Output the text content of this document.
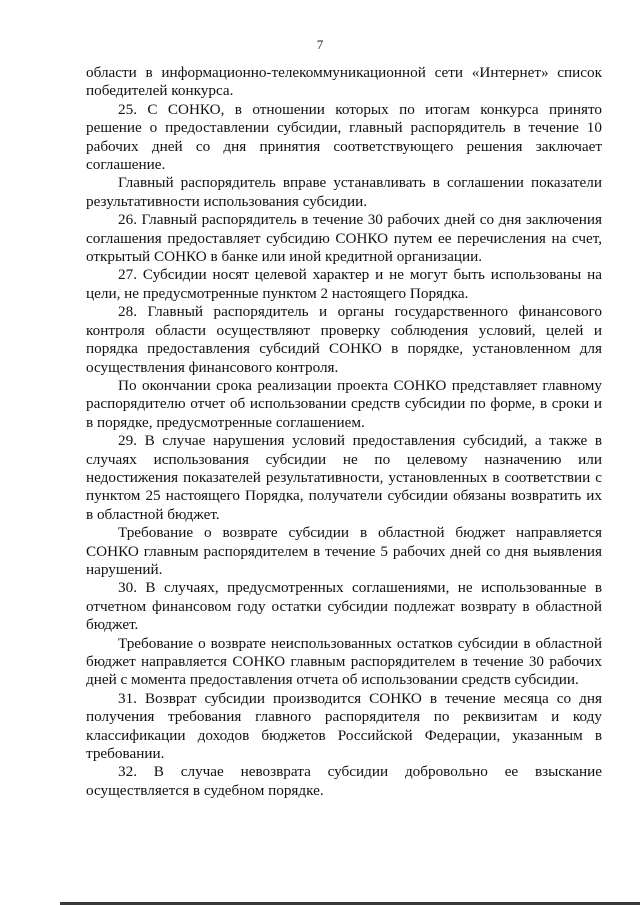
7

области в информационно-телекоммуникационной сети «Интернет» список победителей конкурса.

25. С СОНКО, в отношении которых по итогам конкурса принято решение о предоставлении субсидии, главный распорядитель в течение 10 рабочих дней со дня принятия соответствующего решения заключает соглашение.

Главный распорядитель вправе устанавливать в соглашении показатели результативности использования субсидии.

26. Главный распорядитель в течение 30 рабочих дней со дня заключения соглашения предоставляет субсидию СОНКО путем ее перечисления на счет, открытый СОНКО в банке или иной кредитной организации.

27. Субсидии носят целевой характер и не могут быть использованы на цели, не предусмотренные пунктом 2 настоящего Порядка.

28. Главный распорядитель и органы государственного финансового контроля области осуществляют проверку соблюдения условий, целей и порядка предоставления субсидий СОНКО в порядке, установленном для осуществления финансового контроля.

По окончании срока реализации проекта СОНКО представляет главному распорядителю отчет об использовании средств субсидии по форме, в сроки и в порядке, предусмотренные соглашением.

29. В случае нарушения условий предоставления субсидий, а также в случаях использования субсидии не по целевому назначению или недостижения показателей результативности, установленных в соответствии с пунктом 25 настоящего Порядка, получатели субсидии обязаны возвратить их в областной бюджет.

Требование о возврате субсидии в областной бюджет направляется СОНКО главным распорядителем в течение 5 рабочих дней со дня выявления нарушений.

30. В случаях, предусмотренных соглашениями, не использованные в отчетном финансовом году остатки субсидии подлежат возврату в областной бюджет.

Требование о возврате неиспользованных остатков субсидии в областной бюджет направляется СОНКО главным распорядителем в течение 30 рабочих дней с момента предоставления отчета об использовании средств субсидии.

31. Возврат субсидии производится СОНКО в течение месяца со дня получения требования главного распорядителя по реквизитам и коду классификации доходов бюджетов Российской Федерации, указанным в требовании.

32. В случае невозврата субсидии добровольно ее взыскание осуществляется в судебном порядке.
